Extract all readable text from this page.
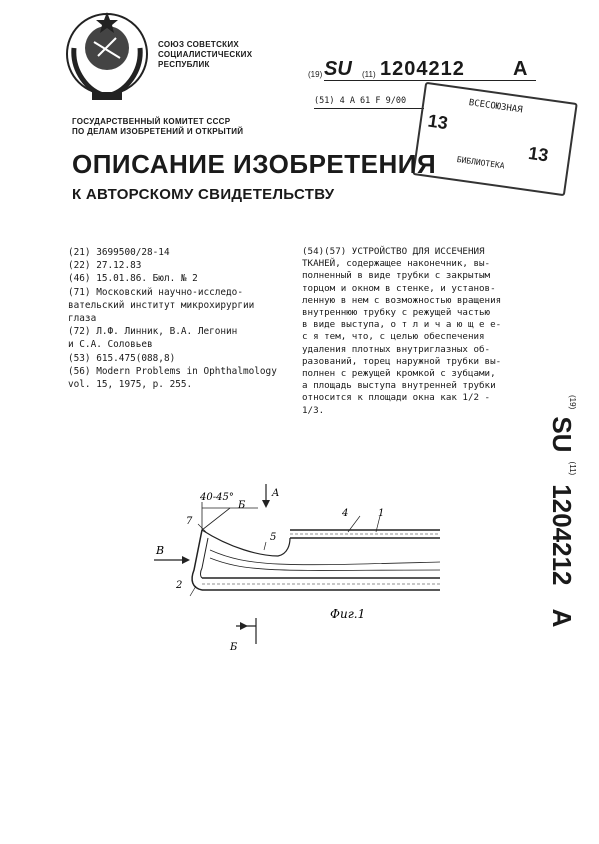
СОЮЗ СОВЕТСКИХ
СОЦИАЛИСТИЧЕСКИХ
РЕСПУБЛИК
(19) SU (11) 1204212 A
(51) 4 A 61 F 9/00	ВСЕСОЮЗНАЯ
13
13
БИБЛИОТЕКА
ГОСУДАРСТВЕННЫЙ КОМИТЕТ СССР
ПО ДЕЛАМ ИЗОБРЕТЕНИЙ И ОТКРЫТИЙ
ОПИСАНИЕ ИЗОБРЕТЕНИЯ
К АВТОРСКОМУ СВИДЕТЕЛЬСТВУ
(21) 3699500/28-14
(22) 27.12.83
(46) 15.01.86. Бюл. № 2
(71) Московский научно-исследо-
вательский институт микрохирургии
глаза
(72) Л.Ф. Линник, В.А. Легонин
и С.А. Соловьев
(53) 615.475(088,8)
(56) Modern Problems in Ophthalmology
vol. 15, 1975, p. 255.
(54)(57) УСТРОЙСТВО ДЛЯ ИССЕЧЕНИЯ
ТКАНЕЙ, содержащее наконечник, вы-
полненный в виде трубки с закрытым
торцом и окном в стенке, и установ-
ленную в нем с возможностью вращения
внутреннюю трубку с режущей частью
в виде выступа, о т л и ч а ю щ е е-
с я тем, что, с целью обеспечения
удаления плотных внутриглазных об-
разований, торец наружной трубки вы-
полнен с режущей кромкой с зубцами,
а площадь выступа внутренней трубки
относится к площади окна как 1/2 -
1/3.
40-45°
Б
A
B
7
5
4	1
2
Фиг.1
Б
$^{(19)}$ SU $^{(11)}$ 1204212 A
